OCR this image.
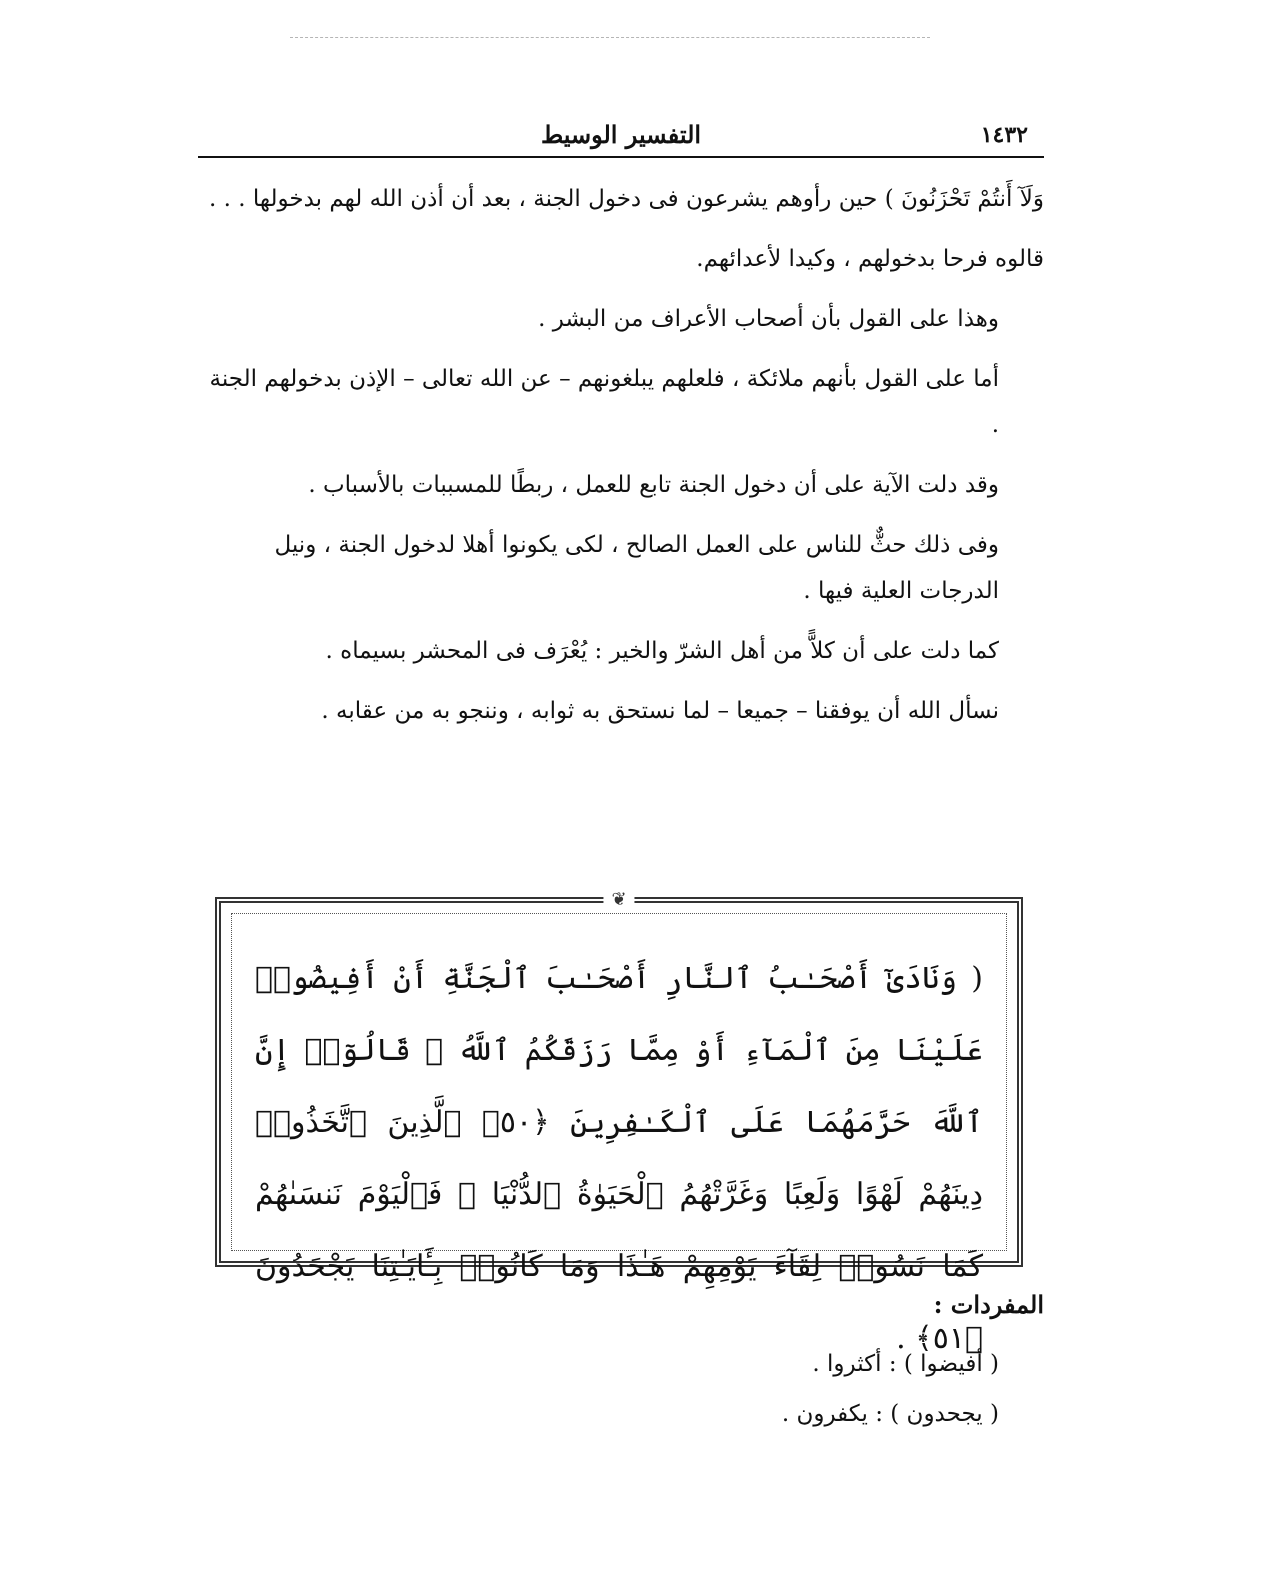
١٤٣٢
التفسير الوسيط

وَلَآ أَنتُمْ تَحْزَنُونَ ) حين رأوهم يشرعون فى دخول الجنة ، بعد أن أذن الله لهم بدخولها . . .

قالوه فرحا بدخولهم ، وكيدا لأعدائهم.

وهذا على القول بأن أصحاب الأعراف من البشر .

أما على القول بأنهم ملائكة ، فلعلهم يبلغونهم – عن الله تعالى – الإذن بدخولهم الجنة .

وقد دلت الآية على أن دخول الجنة تابع للعمل ، ربطًا للمسببات بالأسباب .

وفى ذلك حثٌّ للناس على العمل الصالح ، لكى يكونوا أهلا لدخول الجنة ، ونيل الدرجات العلية فيها .

كما دلت على أن كلاًّ من أهل الشرّ والخير : يُعْرَف فى المحشر بسيماه .

نسأل الله أن يوفقنا – جميعا – لما نستحق به ثوابه ، وننجو به من عقابه .

❦
( وَنَادَىٰٓ أَصْحَـٰبُ ٱلنَّارِ أَصْحَـٰبَ ٱلْجَنَّةِ أَنْ أَفِيضُوا۟ عَلَيْنَا مِنَ ٱلْمَآءِ أَوْ مِمَّا رَزَقَكُمُ ٱللَّهُ ۚ قَالُوٓا۟ إِنَّ ٱللَّهَ حَرَّمَهُمَا عَلَى ٱلْكَـٰفِرِينَ ﴿٥٠﴾ ٱلَّذِينَ ٱتَّخَذُوا۟ دِينَهُمْ لَهْوًا وَلَعِبًا وَغَرَّتْهُمُ ٱلْحَيَوٰةُ ٱلدُّنْيَا ۚ فَٱلْيَوْمَ نَنسَىٰهُمْ كَمَا نَسُوا۟ لِقَآءَ يَوْمِهِمْ هَـٰذَا وَمَا كَانُوا۟ بِـَٔايَـٰتِنَا يَجْحَدُونَ ﴿٥١﴾ .
المفردات :
( أفيضوا ) : أكثروا .
( يجحدون ) : يكفرون .
